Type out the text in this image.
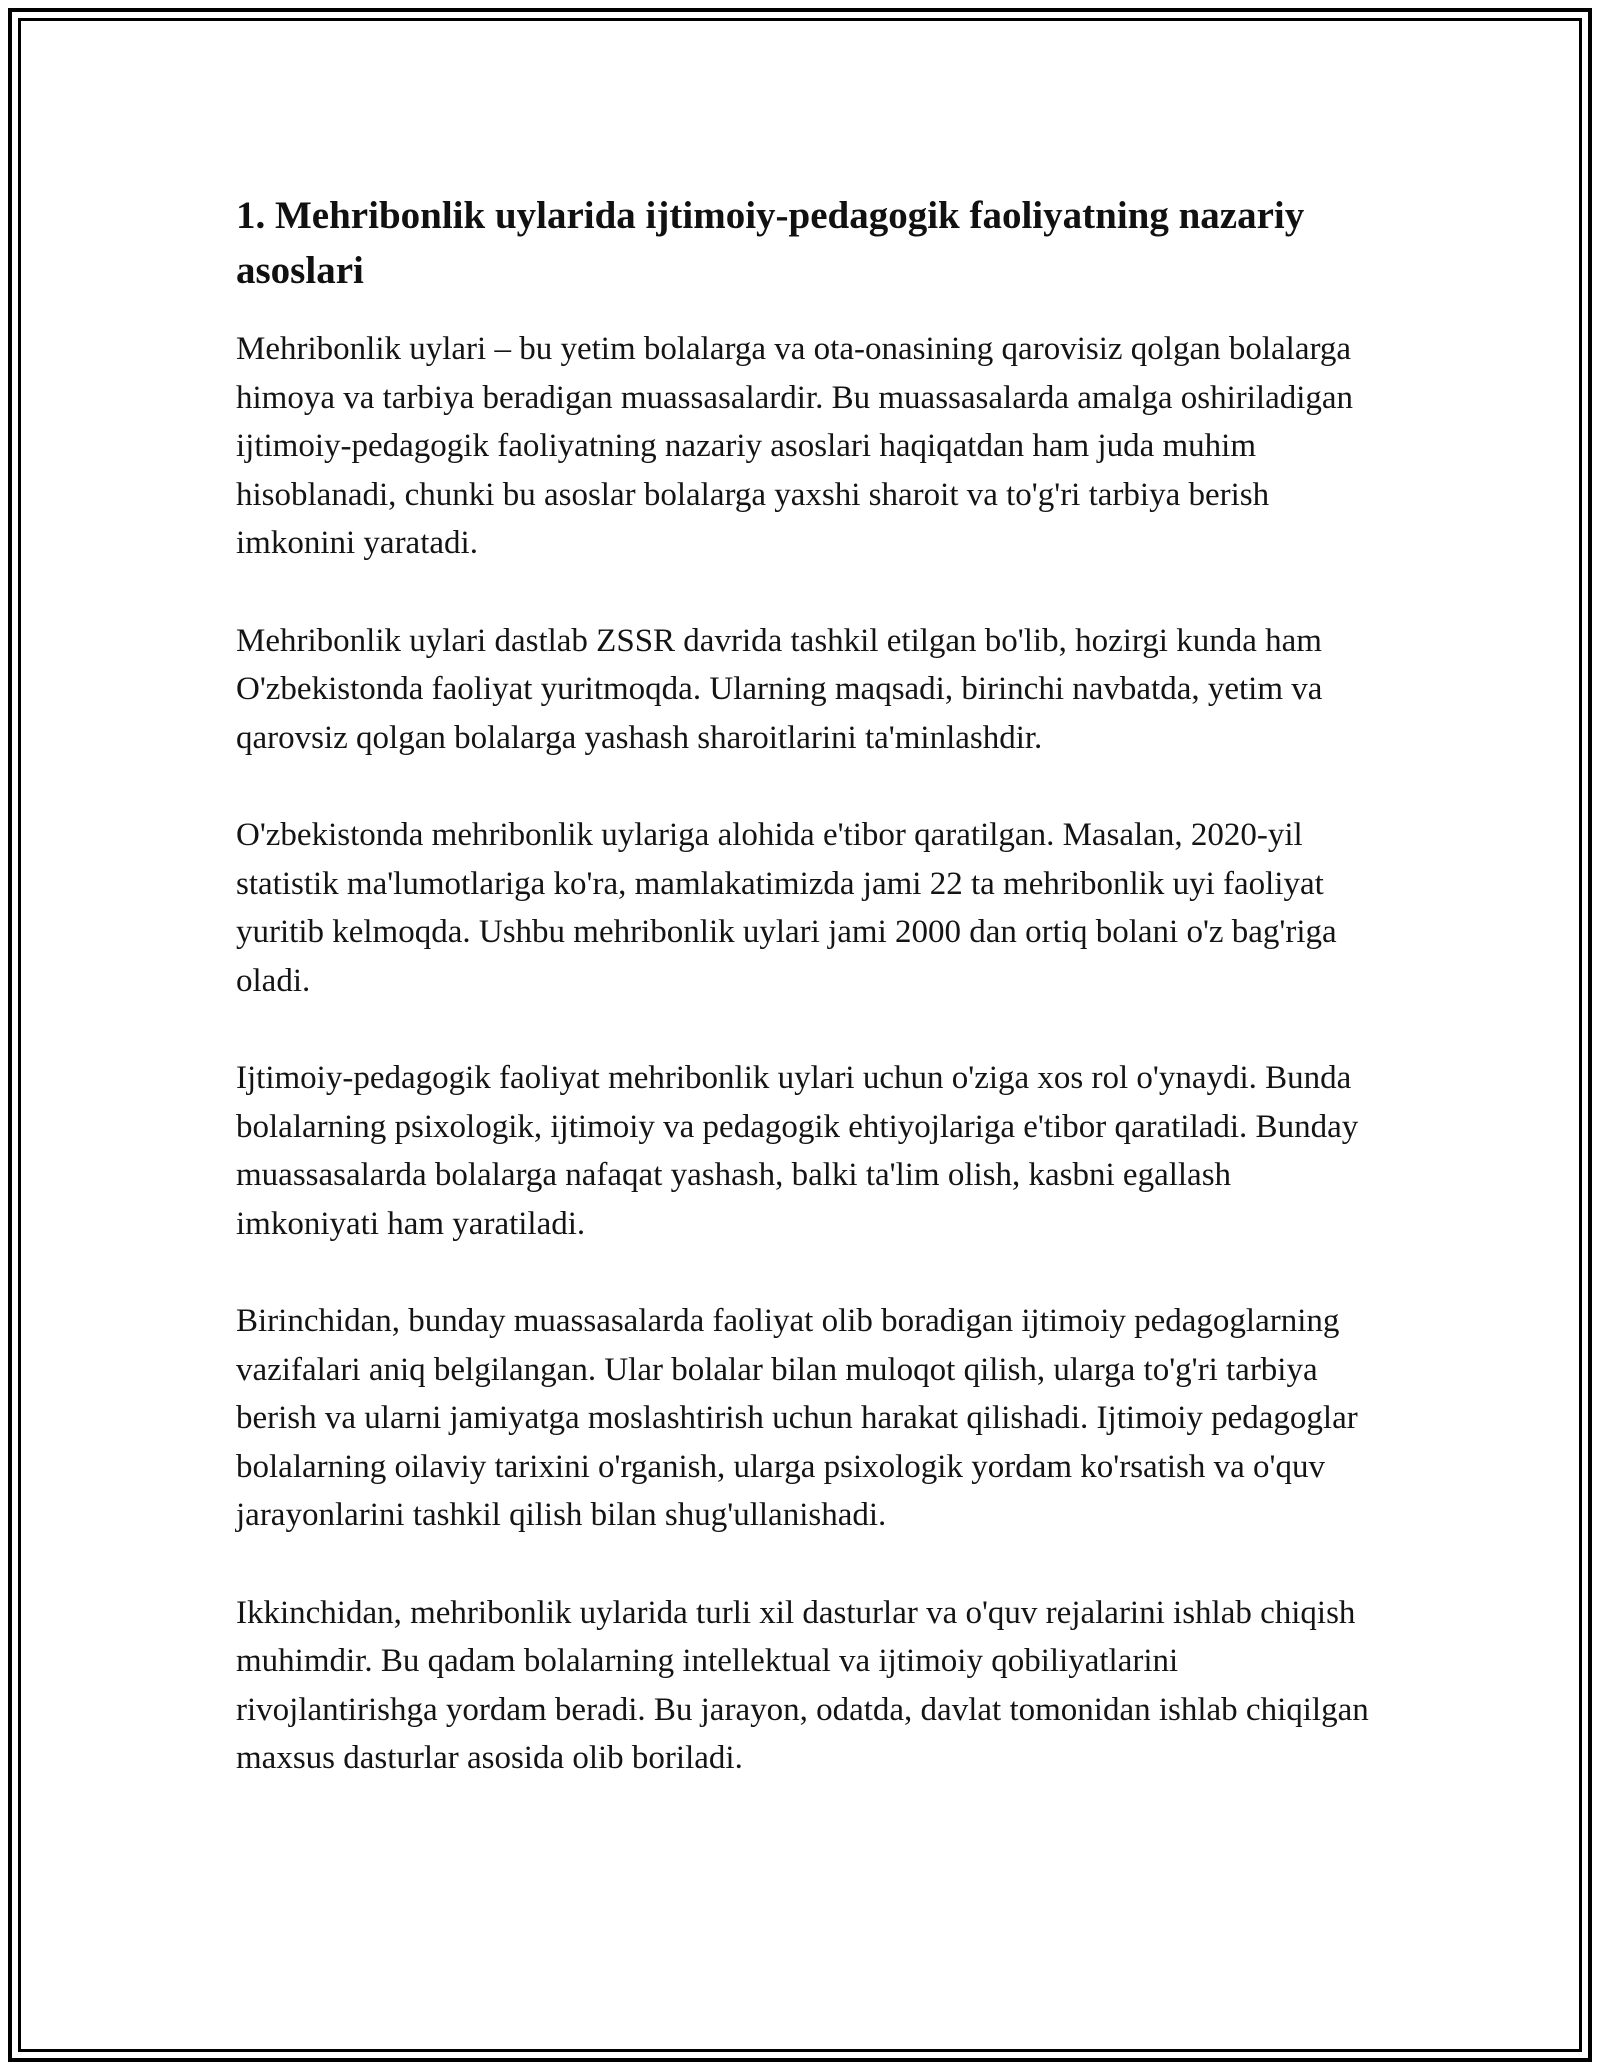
1. Mehribonlik uylarida ijtimoiy-pedagogik faoliyatning nazariy asoslari

Mehribonlik uylari – bu yetim bolalarga va ota-onasining qarovisiz qolgan bolalarga himoya va tarbiya beradigan muassasalardir. Bu muassasalarda amalga oshiriladigan ijtimoiy-pedagogik faoliyatning nazariy asoslari haqiqatdan ham juda muhim hisoblanadi, chunki bu asoslar bolalarga yaxshi sharoit va to'g'ri tarbiya berish imkonini yaratadi.

Mehribonlik uylari dastlab ZSSR davrida tashkil etilgan bo'lib, hozirgi kunda ham O'zbekistonda faoliyat yuritmoqda. Ularning maqsadi, birinchi navbatda, yetim va qarovsiz qolgan bolalarga yashash sharoitlarini ta'minlashdir.

O'zbekistonda mehribonlik uylariga alohida e'tibor qaratilgan. Masalan, 2020-yil statistik ma'lumotlariga ko'ra, mamlakatimizda jami 22 ta mehribonlik uyi faoliyat yuritib kelmoqda. Ushbu mehribonlik uylari jami 2000 dan ortiq bolani o'z bag'riga oladi.

Ijtimoiy-pedagogik faoliyat mehribonlik uylari uchun o'ziga xos rol o'ynaydi. Bunda bolalarning psixologik, ijtimoiy va pedagogik ehtiyojlariga e'tibor qaratiladi. Bunday muassasalarda bolalarga nafaqat yashash, balki ta'lim olish, kasbni egallash imkoniyati ham yaratiladi.

Birinchidan, bunday muassasalarda faoliyat olib boradigan ijtimoiy pedagoglarning vazifalari aniq belgilangan. Ular bolalar bilan muloqot qilish, ularga to'g'ri tarbiya berish va ularni jamiyatga moslashtirish uchun harakat qilishadi. Ijtimoiy pedagoglar bolalarning oilaviy tarixini o'rganish, ularga psixologik yordam ko'rsatish va o'quv jarayonlarini tashkil qilish bilan shug'ullanishadi.

Ikkinchidan, mehribonlik uylarida turli xil dasturlar va o'quv rejalarini ishlab chiqish muhimdir. Bu qadam bolalarning intellektual va ijtimoiy qobiliyatlarini rivojlantirishga yordam beradi. Bu jarayon, odatda, davlat tomonidan ishlab chiqilgan maxsus dasturlar asosida olib boriladi.
